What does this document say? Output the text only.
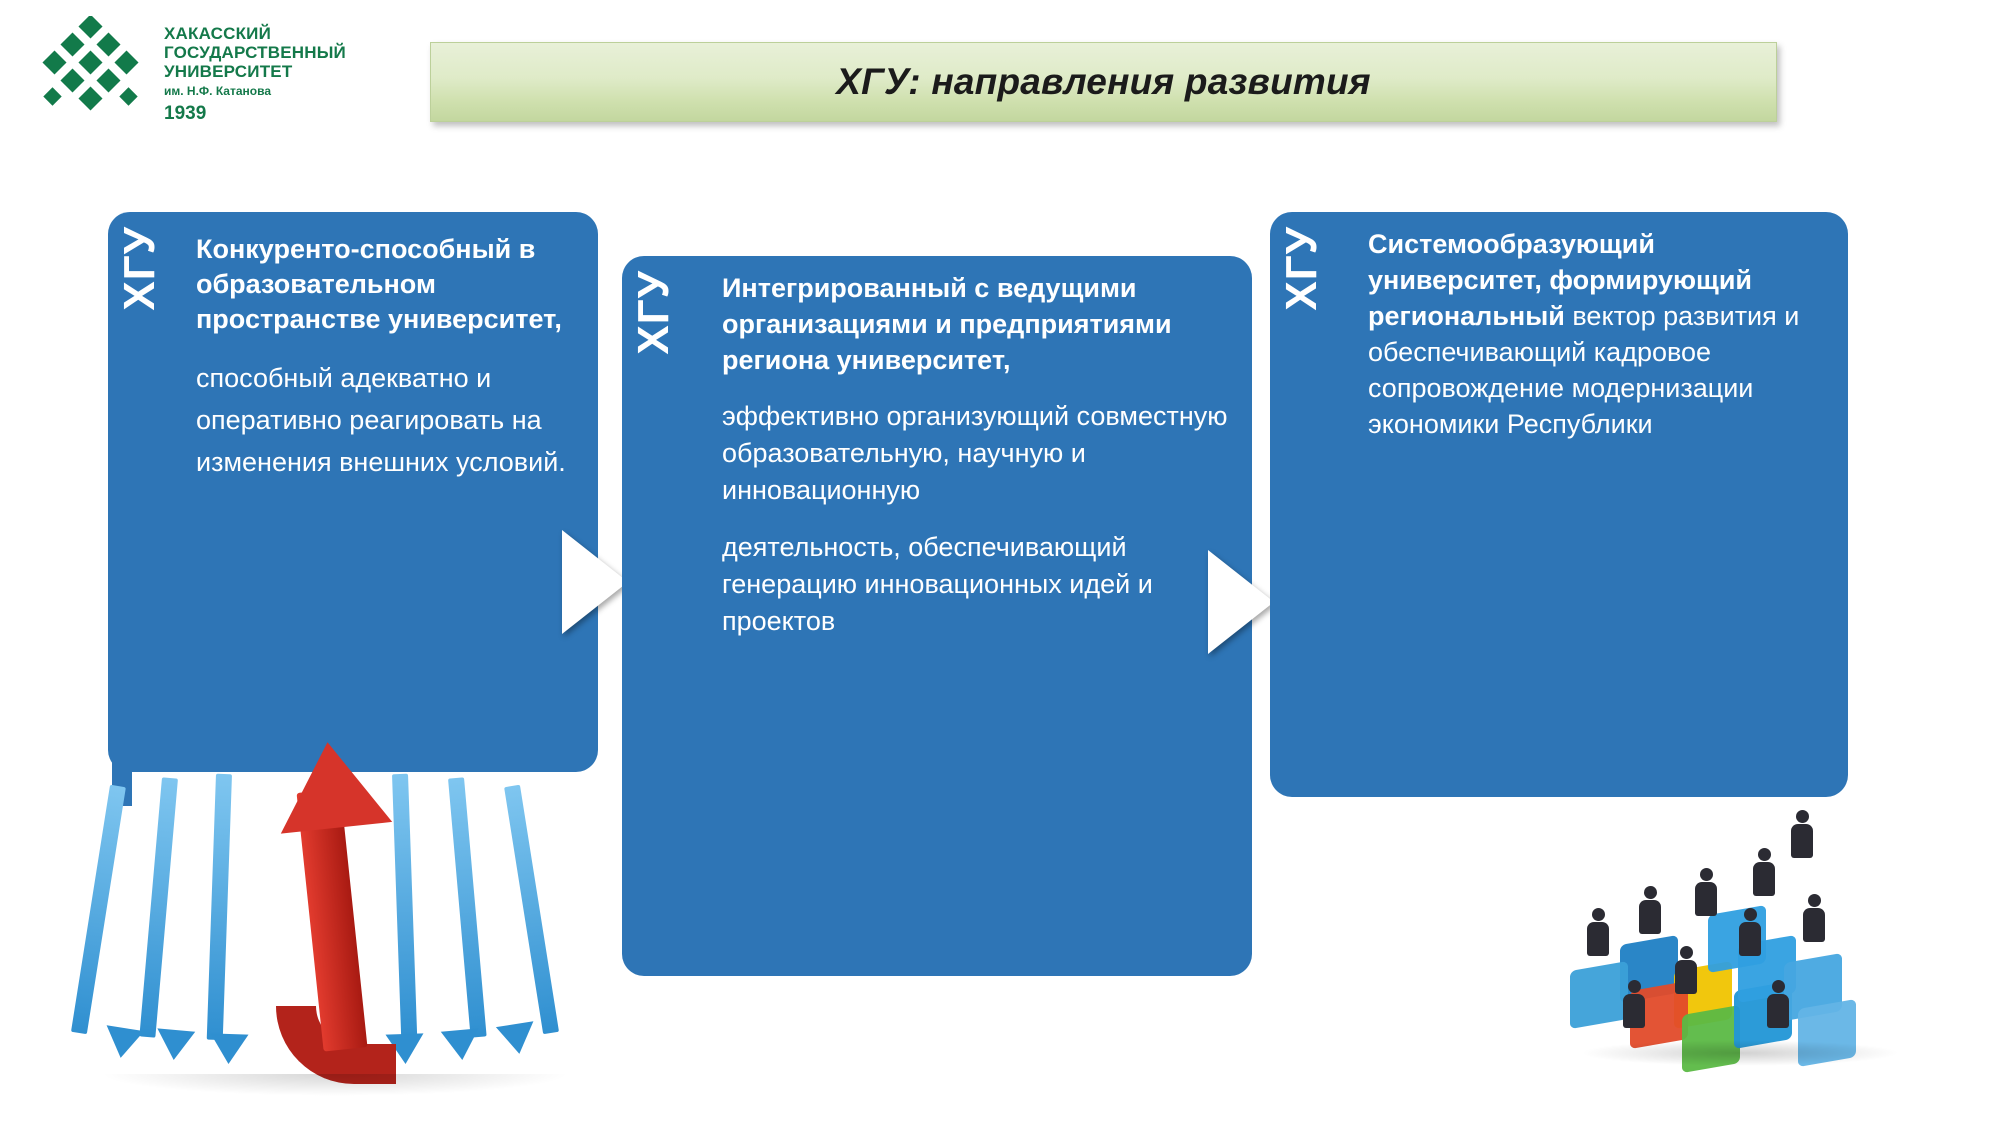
ХАКАССКИЙ
ГОСУДАРСТВЕННЫЙ
УНИВЕРСИТЕТ
им. Н.Ф. Катанова
1939
ХГУ: направления развития
ХГУ	Конкуренто-способный в образовательном пространстве университет,
способный адекватно и оперативно реагировать на изменения внешних условий.
ХГУ	Интегрированный с ведущими организациями и предприятиями региона университет,
эффективно организующий совместную образовательную, научную и инновационную
деятельность, обеспечивающий генерацию инновационных идей и проектов
ХГУ	Системообразующий университет, формирующий региональный вектор развития и обеспечивающий кадровое сопровождение модернизации экономики Республики
